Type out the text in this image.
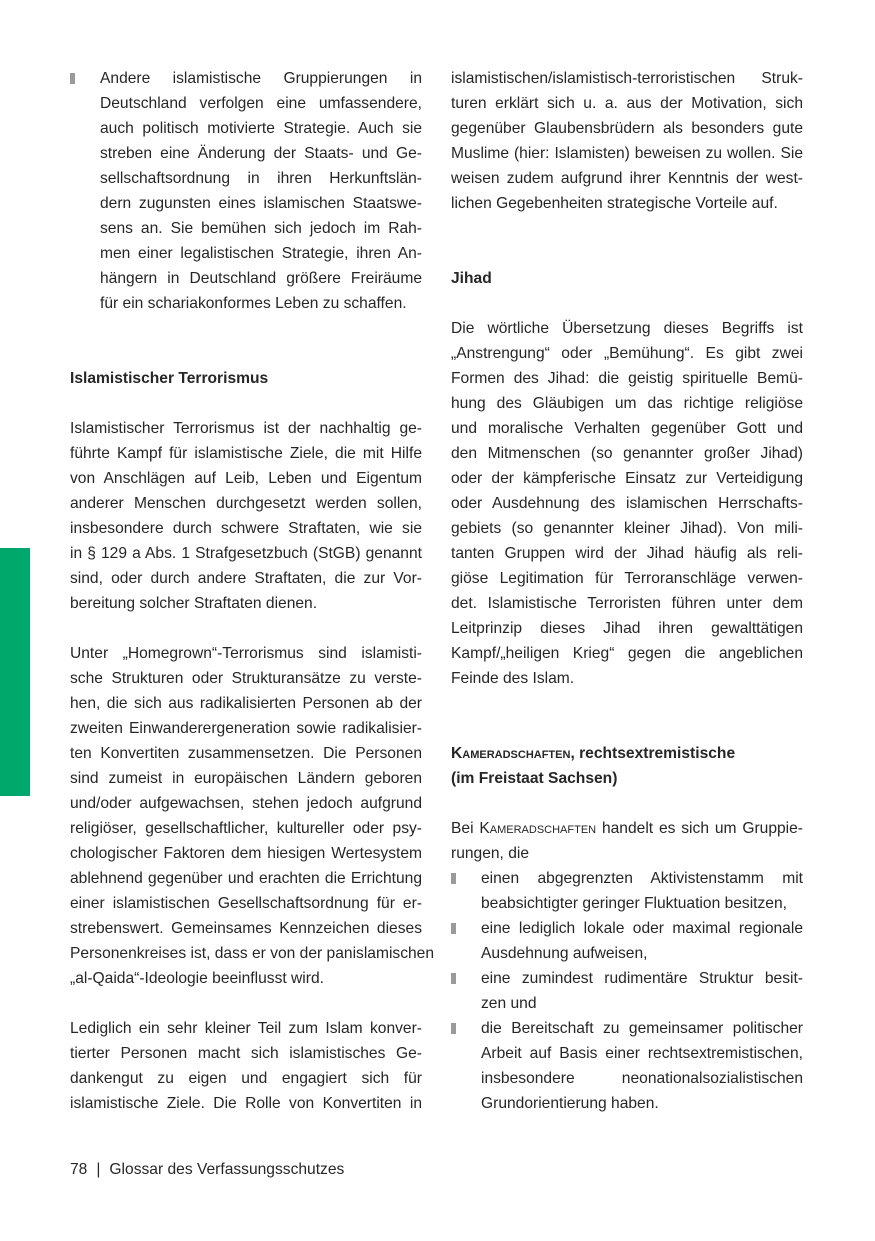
Andere islamistische Gruppierungen in
Deutschland verfolgen eine umfassendere,
auch politisch motivierte Strategie. Auch sie
streben eine Änderung der Staats- und Ge-
sellschaftsordnung in ihren Herkunftslän-
dern zugunsten eines islamischen Staatswe-
sens an. Sie bemühen sich jedoch im Rah-
men einer legalistischen Strategie, ihren An-
hängern in Deutschland größere Freiräume
für ein schariakonformes Leben zu schaffen.
Islamistischer Terrorismus
Islamistischer Terrorismus ist der nachhaltig ge-
führte Kampf für islamistische Ziele, die mit Hilfe
von Anschlägen auf Leib, Leben und Eigentum
anderer Menschen durchgesetzt werden sollen,
insbesondere durch schwere Straftaten, wie sie
in § 129 a Abs. 1 Strafgesetzbuch (StGB) genannt
sind, oder durch andere Straftaten, die zur Vor-
bereitung solcher Straftaten dienen.
Unter „Homegrown“-Terrorismus sind islamisti-
sche Strukturen oder Strukturansätze zu verste-
hen, die sich aus radikalisierten Personen ab der
zweiten Einwanderergeneration sowie radikalisier-
ten Konvertiten zusammensetzen. Die Personen
sind zumeist in europäischen Ländern geboren
und/oder aufgewachsen, stehen jedoch aufgrund
religiöser, gesellschaftlicher, kultureller oder psy-
chologischer Faktoren dem hiesigen Wertesystem
ablehnend gegenüber und erachten die Errichtung
einer islamistischen Gesellschaftsordnung für er-
strebenswert. Gemeinsames Kennzeichen dieses
Personenkreises ist, dass er von der panislamischen
„al-Qaida“-Ideologie beeinflusst wird.
Lediglich ein sehr kleiner Teil zum Islam konver-
tierter Personen macht sich islamistisches Ge-
dankengut zu eigen und engagiert sich für
islamistische Ziele. Die Rolle von Konvertiten in
islamistischen/islamistisch-terroristischen Struk-
turen erklärt sich u. a. aus der Motivation, sich
gegenüber Glaubensbrüdern als besonders gute
Muslime (hier: Islamisten) beweisen zu wollen. Sie
weisen zudem aufgrund ihrer Kenntnis der west-
lichen Gegebenheiten strategische Vorteile auf.
Jihad
Die wörtliche Übersetzung dieses Begriffs ist
„Anstrengung“ oder „Bemühung“. Es gibt zwei
Formen des Jihad: die geistig spirituelle Bemü-
hung des Gläubigen um das richtige religiöse
und moralische Verhalten gegenüber Gott und
den Mitmenschen (so genannter großer Jihad)
oder der kämpferische Einsatz zur Verteidigung
oder Ausdehnung des islamischen Herrschafts-
gebiets (so genannter kleiner Jihad). Von mili-
tanten Gruppen wird der Jihad häufig als reli-
giöse Legitimation für Terroranschläge verwen-
det. Islamistische Terroristen führen unter dem
Leitprinzip dieses Jihad ihren gewalttätigen
Kampf/„heiligen Krieg“ gegen die angeblichen
Feinde des Islam.
Kameradschaften, rechtsextremistische
(im Freistaat Sachsen)
Bei Kameradschaften handelt es sich um Gruppie-
rungen, die
einen abgegrenzten Aktivistenstamm mit
beabsichtigter geringer Fluktuation besitzen,
eine lediglich lokale oder maximal regionale
Ausdehnung aufweisen,
eine zumindest rudimentäre Struktur besit-
zen und
die Bereitschaft zu gemeinsamer politischer
Arbeit auf Basis einer rechtsextremistischen,
insbesondere neonationalsozialistischen
Grundorientierung haben.
78 | Glossar des Verfassungsschutzes
